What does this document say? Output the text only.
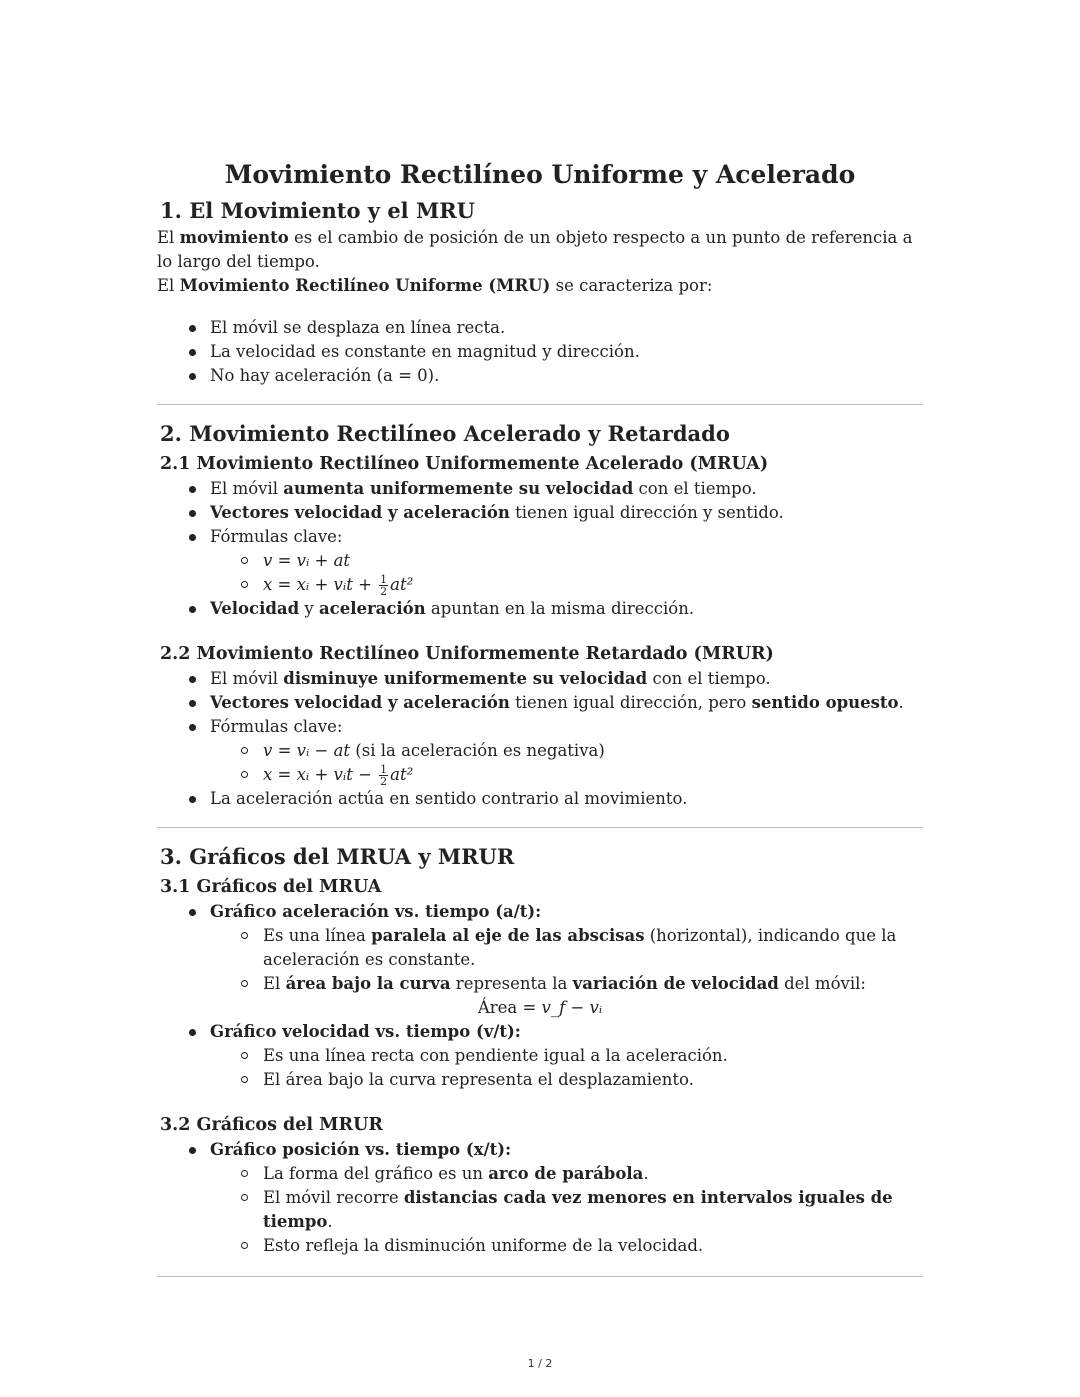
Movimiento Rectilíneo Uniforme y Acelerado
1. El Movimiento y el MRU

El movimiento es el cambio de posición de un objeto respecto a un punto de referencia a lo largo del tiempo.

El Movimiento Rectilíneo Uniforme (MRU) se caracteriza por:

El móvil se desplaza en línea recta.
La velocidad es constante en magnitud y dirección.
No hay aceleración (a = 0).
2. Movimiento Rectilíneo Acelerado y Retardado
2.1 Movimiento Rectilíneo Uniformemente Acelerado (MRUA)
El móvil aumenta uniformemente su velocidad con el tiempo.
Vectores velocidad y aceleración tienen igual dirección y sentido.
Fórmulas clave:
v = vᵢ + at
x = xᵢ + vᵢt + $\frac{1}{2} at^2$
Velocidad y aceleración apuntan en la misma dirección.
2.2 Movimiento Rectilíneo Uniformemente Retardado (MRUR)
El móvil disminuye uniformemente su velocidad con el tiempo.
Vectores velocidad y aceleración tienen igual dirección, pero sentido opuesto.
Fórmulas clave:
v = vᵢ − at (si la aceleración es negativa)
x = xᵢ + vᵢt − $\frac{1}{2} at^2$
La aceleración actúa en sentido contrario al movimiento.
3. Gráficos del MRUA y MRUR
3.1 Gráficos del MRUA
Gráfico aceleración vs. tiempo (a/t):
Es una línea paralela al eje de las abscisas (horizontal), indicando que la aceleración es constante.
El área bajo la curva representa la variación de velocidad del móvil:
Área = v_f − vᵢ
Gráfico velocidad vs. tiempo (v/t):
Es una línea recta con pendiente igual a la aceleración.
El área bajo la curva representa el desplazamiento.
3.2 Gráficos del MRUR
Gráfico posición vs. tiempo (x/t):
La forma del gráfico es un arco de parábola.
El móvil recorre distancias cada vez menores en intervalos iguales de tiempo.
Esto refleja la disminución uniforme de la velocidad.
1 / 2
